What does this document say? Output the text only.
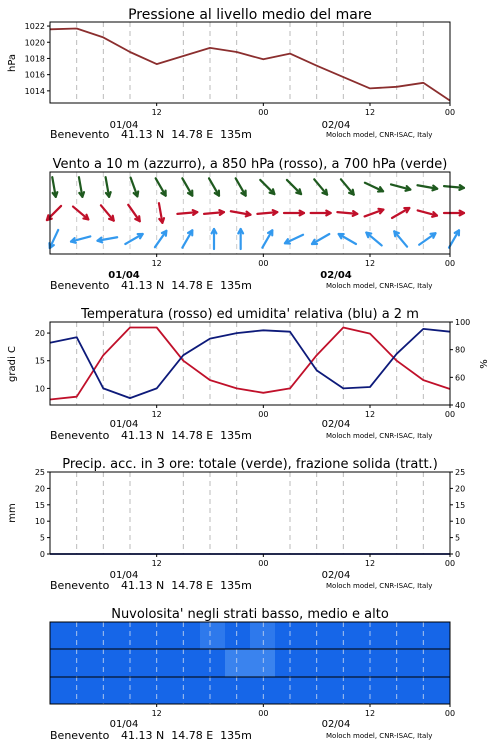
Pressione al livello medio del mare
hPa
1014
1016
1018
1020
1022
12	00	12	00
01/04	02/04
Benevento 41.13 N  14.78 E  135m	Moloch model, CNR-ISAC, Italy
Vento a 10 m (azzurro), a 850 hPa (rosso), a 700 hPa (verde)
12	00	12	00
01/04	02/04
Benevento 41.13 N  14.78 E  135m	Moloch model, CNR-ISAC, Italy
Temperatura (rosso) ed umidita' relativa (blu) a 2 m
gradi C	%
10
15
20
40
60
80
100
12	00	12	00
01/04	02/04
Benevento 41.13 N  14.78 E  135m	Moloch model, CNR-ISAC, Italy
Precip. acc. in 3 ore: totale (verde), frazione solida (tratt.)
mm
0
5
10
15
20
25
0
5
10
15
20
25
12	00	12	00
01/04	02/04
Benevento 41.13 N  14.78 E  135m	Moloch model, CNR-ISAC, Italy
Nuvolosita' negli strati basso, medio e alto
12	00	12	00
01/04	02/04
Benevento 41.13 N  14.78 E  135m	Moloch model, CNR-ISAC, Italy
